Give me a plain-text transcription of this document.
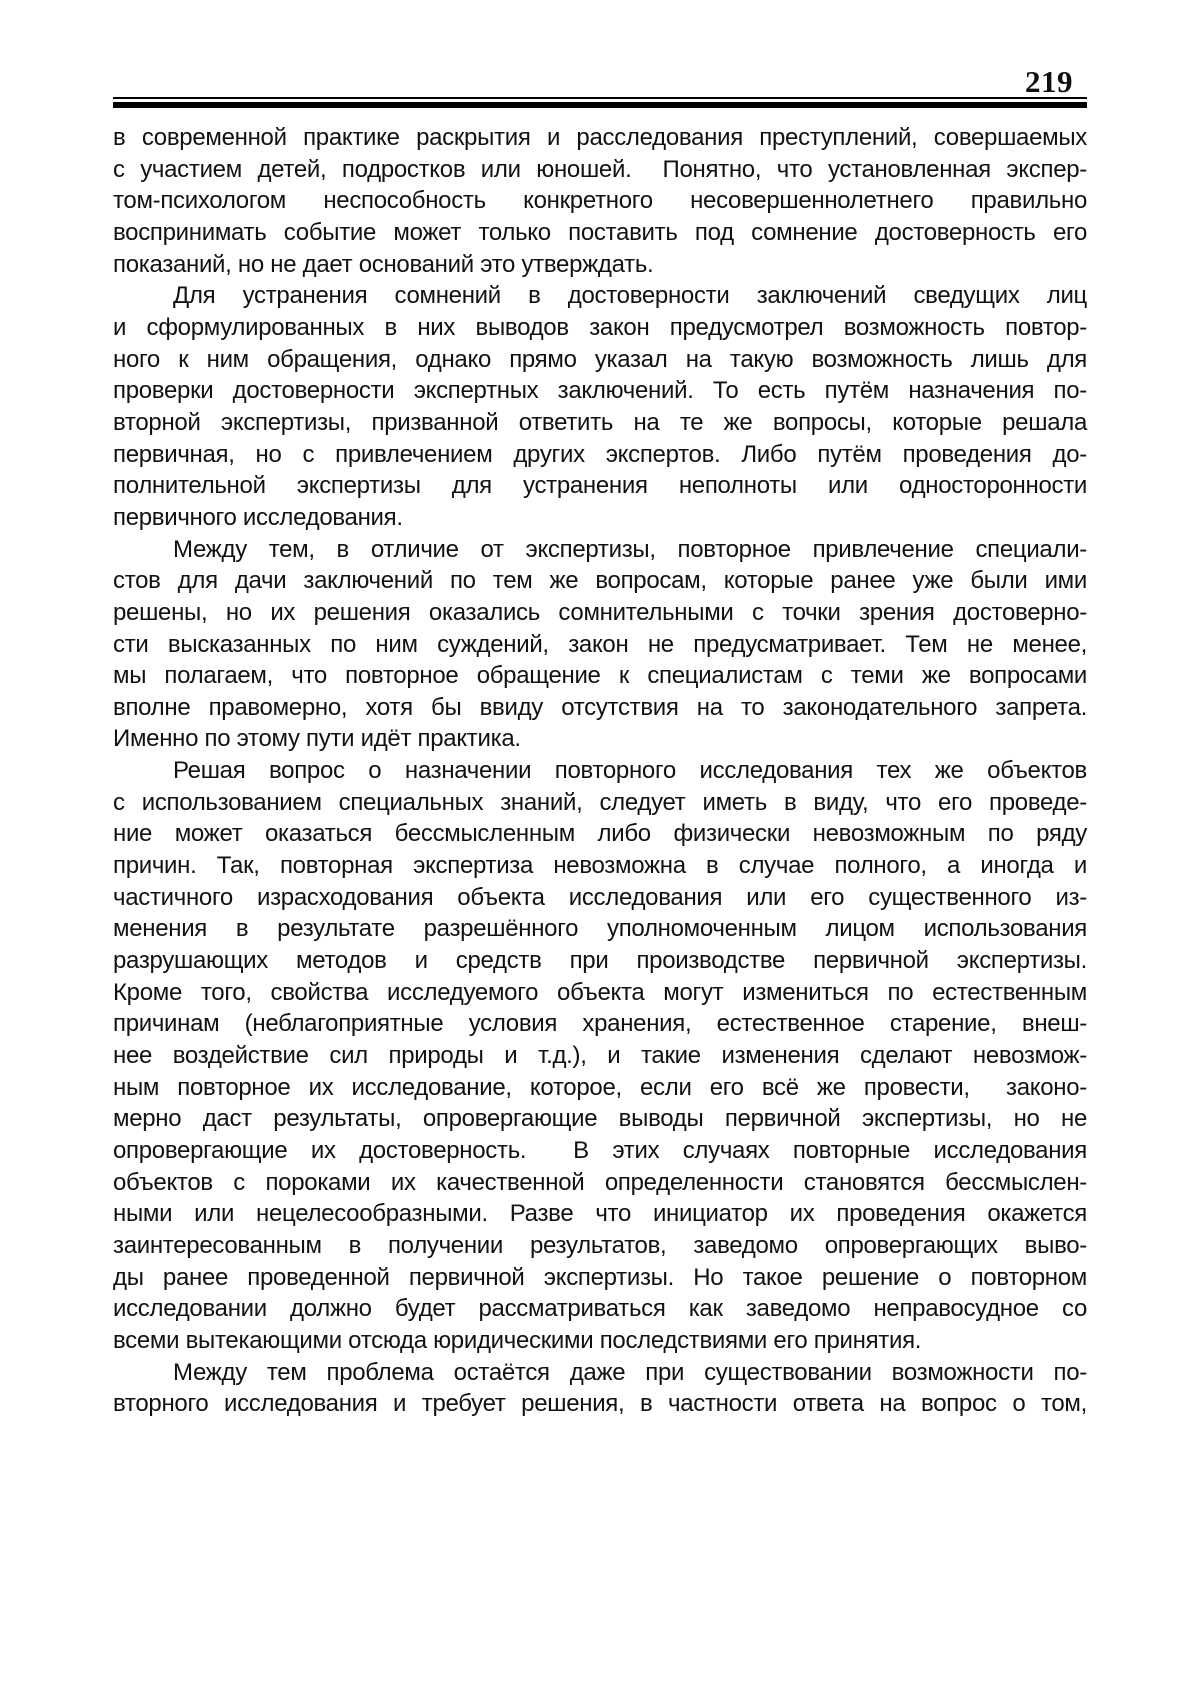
219
в современной практике раскрытия и расследования преступлений, совершаемых
с участием детей, подростков или юношей.  Понятно, что установленная экспер-
том-психологом неспособность конкретного несовершеннолетнего правильно
воспринимать событие может только поставить под сомнение достоверность его
показаний, но не дает оснований это утверждать.
Для устранения сомнений в достоверности заключений сведущих лиц
и сформулированных в них выводов закон предусмотрел возможность повтор-
ного к ним обращения, однако прямо указал на такую возможность лишь для
проверки достоверности экспертных заключений. То есть путём назначения по-
вторной экспертизы, призванной ответить на те же вопросы, которые решала
первичная, но с привлечением других экспертов. Либо путём проведения до-
полнительной экспертизы для устранения неполноты или односторонности
первичного исследования.
Между тем, в отличие от экспертизы, повторное привлечение специали-
стов для дачи заключений по тем же вопросам, которые ранее уже были ими
решены, но их решения оказались сомнительными с точки зрения достоверно-
сти высказанных по ним суждений, закон не предусматривает. Тем не менее,
мы полагаем, что повторное обращение к специалистам с теми же вопросами
вполне правомерно, хотя бы ввиду отсутствия на то законодательного запрета.
Именно по этому пути идёт практика.
Решая вопрос о назначении повторного исследования тех же объектов
с использованием специальных знаний, следует иметь в виду, что его проведе-
ние может оказаться бессмысленным либо физически невозможным по ряду
причин. Так, повторная экспертиза невозможна в случае полного, а иногда и
частичного израсходования объекта исследования или его существенного из-
менения в результате разрешённого уполномоченным лицом использования
разрушающих методов и средств при производстве первичной экспертизы.
Кроме того, свойства исследуемого объекта могут измениться по естественным
причинам (неблагоприятные условия хранения, естественное старение, внеш-
нее воздействие сил природы и т.д.), и такие изменения сделают невозмож-
ным повторное их исследование, которое, если его всё же провести,  законо-
мерно даст результаты, опровергающие выводы первичной экспертизы, но не
опровергающие их достоверность.  В этих случаях повторные исследования
объектов с пороками их качественной определенности становятся бессмыслен-
ными или нецелесообразными. Разве что инициатор их проведения окажется
заинтересованным в получении результатов, заведомо опровергающих выво-
ды ранее проведенной первичной экспертизы. Но такое решение о повторном
исследовании должно будет рассматриваться как заведомо неправосудное со
всеми вытекающими отсюда юридическими последствиями его принятия.
Между тем проблема остаётся даже при существовании возможности по-
вторного исследования и требует решения, в частности ответа на вопрос о том,
